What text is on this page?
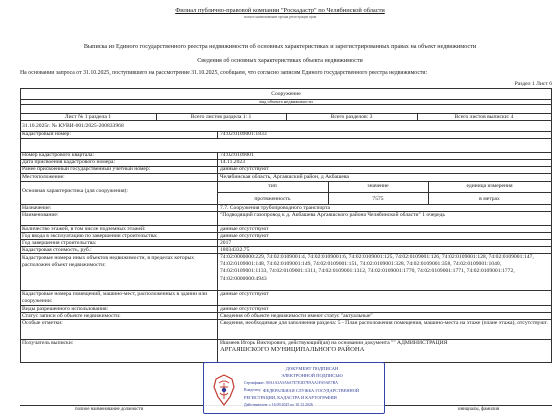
Филиал публично-правовой компании "Роскадастр" по Челябинской области
полное наименование органа регистрации прав
Выписка из Единого государственного реестра недвижимости об основных характеристиках и зарегистрированных правах на объект недвижимости
Сведения об основных характеристиках объекта недвижимости
На основании запроса от 31.10.2025, поступившего на рассмотрение 31.10.2025, сообщаем, что согласно записям Единого государственного реестра недвижимости:
Раздел 1 Лист 6
Сооружение
вид объекта недвижимости
Лист № 1 раздела 1	Всего листов раздела 1: 1	Всего разделов: 3	Всего листов выписки: 4
31.10.2025г. № КУВИ-001/2025-200833968
Кадастровый номер:	74:02:0109001:1833
Номер кадастрового квартала:	74:02:0109001
Дата присвоения кадастрового номера:	14.11.2023
Ранее присвоенный государственный учетный номер:	данные отсутствуют
Местоположение:	Челябинская область, Аргаяшский район, д Акбашева
Основная характеристика (для сооружения):
тип	значение	единица измерения
протяженность	7575	в метрах
Назначение:	7.7. Сооружения трубопроводного транспорта
Наименование:	"Подводящий газопровод к д. Акбашева Аргаяшского района Челябинской области" 1 очередь
Количество этажей, в том числе подземных этажей:	данные отсутствуют
Год ввода в эксплуатацию по завершении строительства:	данные отсутствуют
Год завершения строительства:	2017
Кадастровая стоимость, руб.:	18034332.75
Кадастровые номера иных объектов недвижимости, в пределах которых расположен объект недвижимости:
74:02:0000000:229, 74:02:0109001:4, 74:02:0109001:6, 74:02:0109001:125, 74:02:0109001:126, 74:02:0109001:128, 74:02:0109001:147, 74:02:0109001:148, 74:02:0109001:149, 74:02:0109001:151, 74:02:0109001:328, 74:02:0109001:358, 74:02:0109001:1040, 74:02:0109001:1133, 74:02:0109001:1311, 74:02:0109001:1312, 74:02:0109001:1770, 74:02:0109001:1771, 74:02:0109001:1772, 74:02:0000000:4943
Кадастровые номера помещений, машино-мест, расположенных в здании или сооружении:
данные отсутствуют
Виды разрешенного использования:	данные отсутствуют
Статус записи об объекте недвижимости:	Сведения об объекте недвижимости имеют статус "актуальные"
Особые отметки:	Сведения, необходимые для заполнения раздела: 5 - План расположения помещения, машино-места на этаже (плане этажа), отсутствуют.
Получатель выписки:	Ишмеев Игорь Викторович, действующий(ая) на основании документа "" АДМИНИСТРАЦИЯ
АРГАЯШСКОГО МУНИЦИПАЛЬНОГО РАЙОНА
ДОКУМЕНТ ПОДПИСАН
ЭЛЕКТРОННОЙ ПОДПИСЬЮ
Сертификат: 00A1A3A5A6A7E7E3D7E9AA1FA9AE7BA
Владелец: ФЕДЕРАЛЬНАЯ СЛУЖБА ГОСУДАРСТВЕННОЙ
РЕГИСТРАЦИИ, КАДАСТРА И КАРТОГРАФИИ
Действителен: с 16.09.2025 по 10.12.2026
полное наименование должности	инициалы, фамилия
